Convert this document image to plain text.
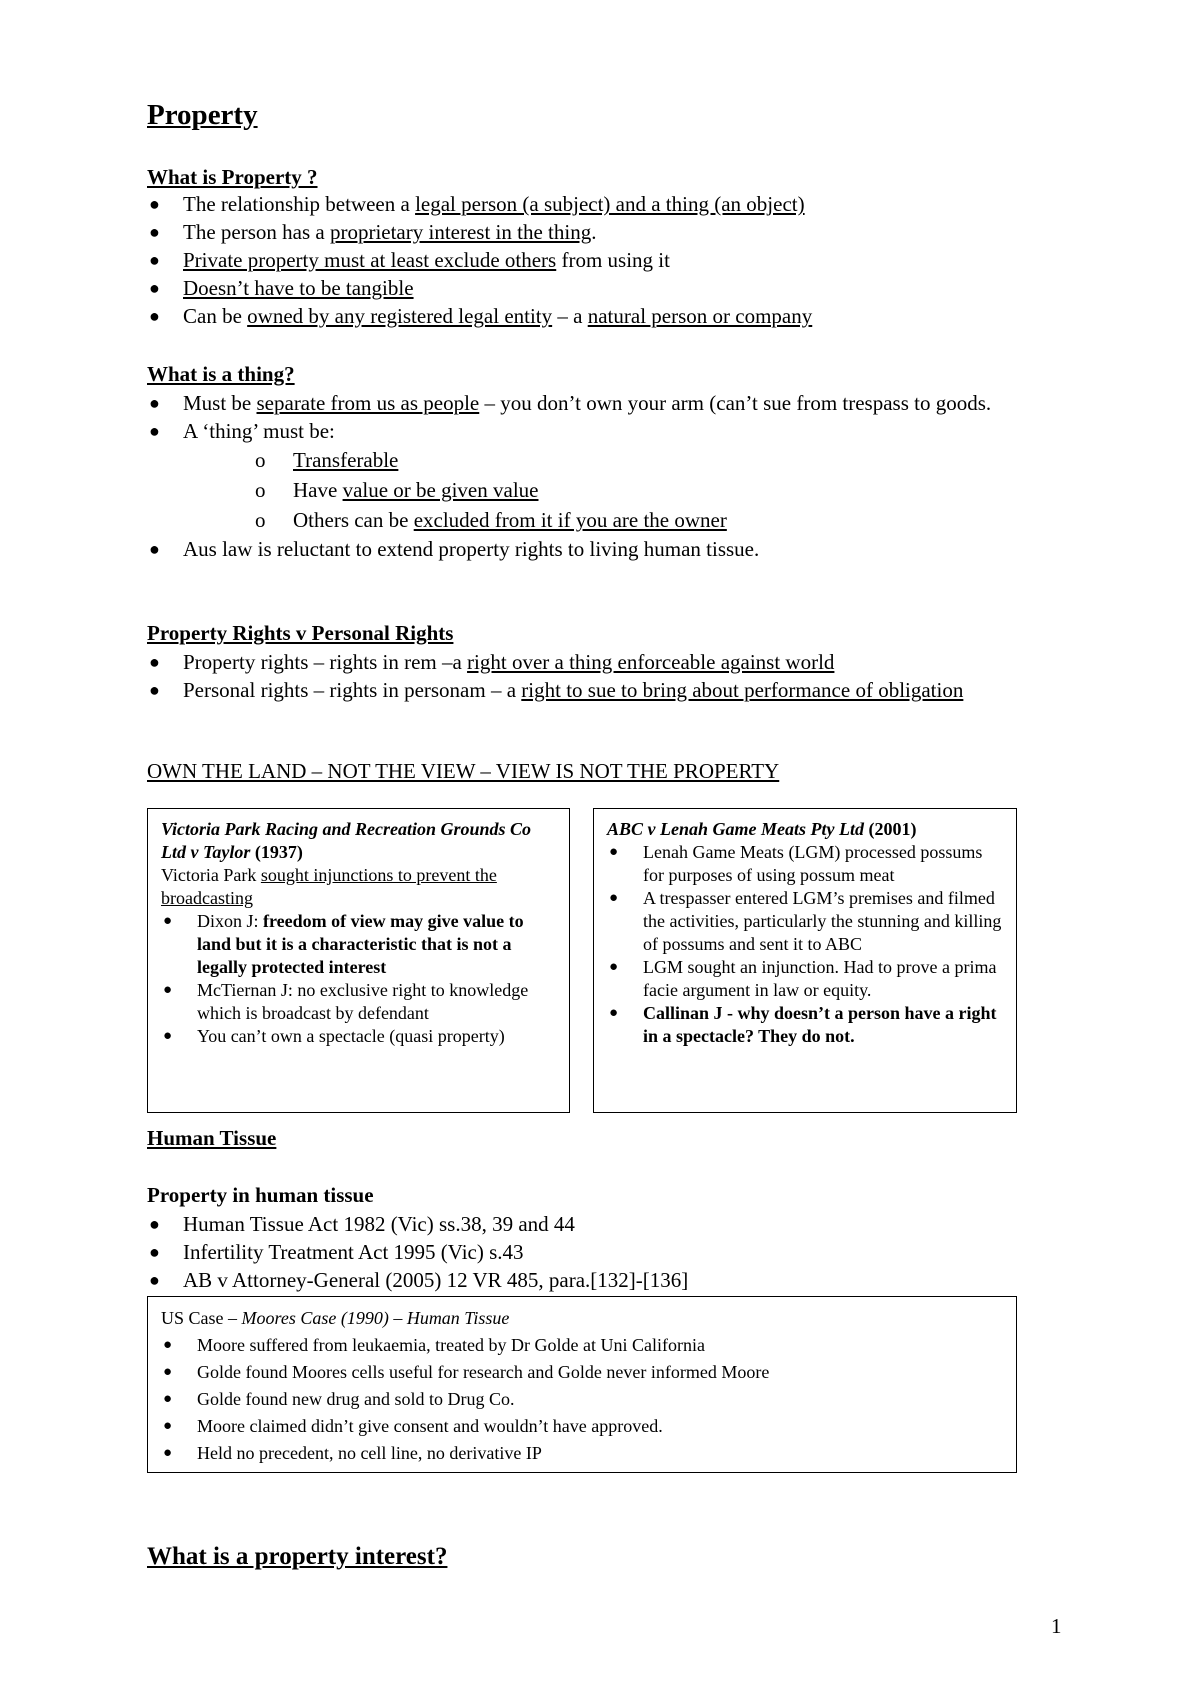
Property
What is Property ?
●	The relationship between a legal person (a subject) and a thing (an object)
●	The person has a proprietary interest in the thing.
●	Private property must at least exclude others from using it
●	Doesn’t have to be tangible
●	Can be owned by any registered legal entity – a natural person or company
What is a thing?
●	Must be separate from us as people – you don’t own your arm (can’t sue from trespass to goods.
●	A ‘thing’ must be:
o Transferable
o Have value or be given value
o Others can be excluded from it if you are the owner
●	Aus law is reluctant to extend property rights to living human tissue.
Property Rights v Personal Rights
●	Property rights – rights in rem –a right over a thing enforceable against world
●	Personal rights – rights in personam – a right to sue to bring about performance of obligation
OWN THE LAND – NOT THE VIEW – VIEW IS NOT THE PROPERTY
Victoria Park Racing and Recreation Grounds Co Ltd v Taylor (1937)
Victoria Park sought injunctions to prevent the broadcasting
● Dixon J: freedom of view may give value to land but it is a characteristic that is not a legally protected interest
● McTiernan J: no exclusive right to knowledge which is broadcast by defendant
● You can’t own a spectacle (quasi property)
ABC v Lenah Game Meats Pty Ltd (2001)
● Lenah Game Meats (LGM) processed possums for purposes of using possum meat
● A trespasser entered LGM’s premises and filmed the activities, particularly the stunning and killing of possums and sent it to ABC
● LGM sought an injunction. Had to prove a prima facie argument in law or equity.
● Callinan J - why doesn’t a person have a right in a spectacle? They do not.
Human Tissue
Property in human tissue
●	Human Tissue Act 1982 (Vic) ss.38, 39 and 44
●	Infertility Treatment Act 1995 (Vic) s.43
●	AB v Attorney-General (2005) 12 VR 485, para.[132]-[136]
US Case – Moores Case (1990) – Human Tissue
● Moore suffered from leukaemia, treated by Dr Golde at Uni California
● Golde found Moores cells useful for research and Golde never informed Moore
● Golde found new drug and sold to Drug Co.
● Moore claimed didn’t give consent and wouldn’t have approved.
● Held no precedent, no cell line, no derivative IP
What is a property interest?
1
